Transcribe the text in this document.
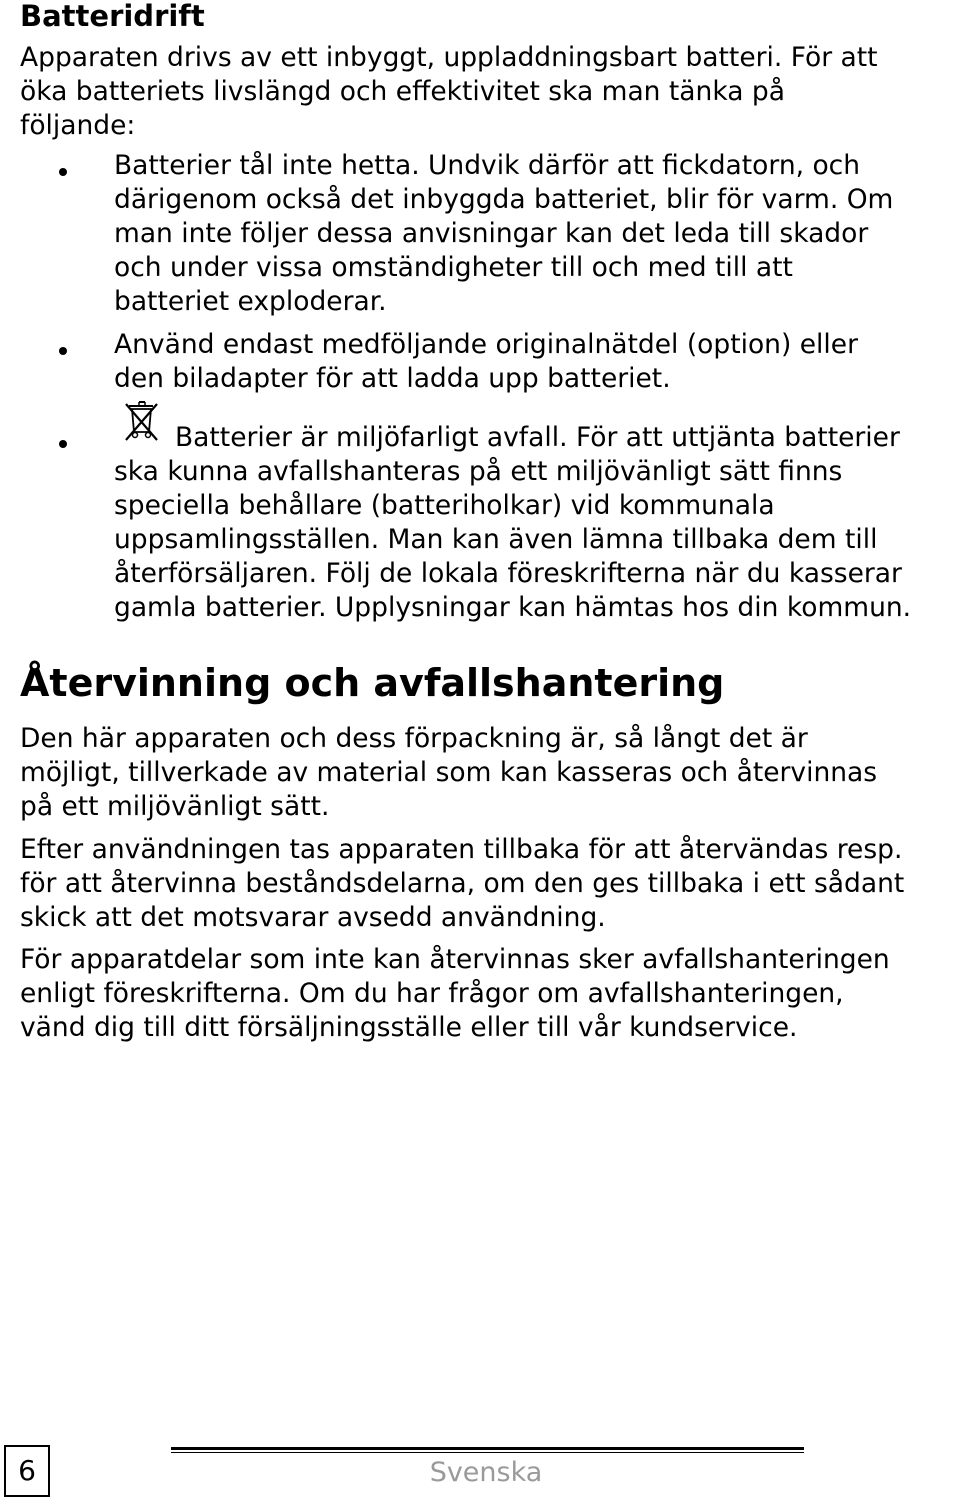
Batteridrift

Apparaten drivs av ett inbyggt, uppladdningsbart batteri. För att
öka batteriets livslängd och effektivitet ska man tänka på
följande:

Batterier tål inte hetta. Undvik därför att fickdatorn, och
därigenom också det inbyggda batteriet, blir för varm. Om
man inte följer dessa anvisningar kan det leda till skador
och under vissa omständigheter till och med till att
batteriet exploderar.

Använd endast medföljande originalnätdel (option) eller
den biladapter för att ladda upp batteriet.

Batterier är miljöfarligt avfall. För att uttjänta batterier
ska kunna avfallshanteras på ett miljövänligt sätt finns
speciella behållare (batteriholkar) vid kommunala
uppsamlingsställen. Man kan även lämna tillbaka dem till
återförsäljaren. Följ de lokala föreskrifterna när du kasserar
gamla batterier. Upplysningar kan hämtas hos din kommun.

Återvinning och avfallshantering

Den här apparaten och dess förpackning är, så långt det är
möjligt, tillverkade av material som kan kasseras och återvinnas
på ett miljövänligt sätt.

Efter användningen tas apparaten tillbaka för att återvändas resp.
för att återvinna beståndsdelarna, om den ges tillbaka i ett sådant
skick att det motsvarar avsedd användning.

För apparatdelar som inte kan återvinnas sker avfallshanteringen
enligt föreskrifterna. Om du har frågor om avfallshanteringen,
vänd dig till ditt försäljningsställe eller till vår kundservice.

6	Svenska
